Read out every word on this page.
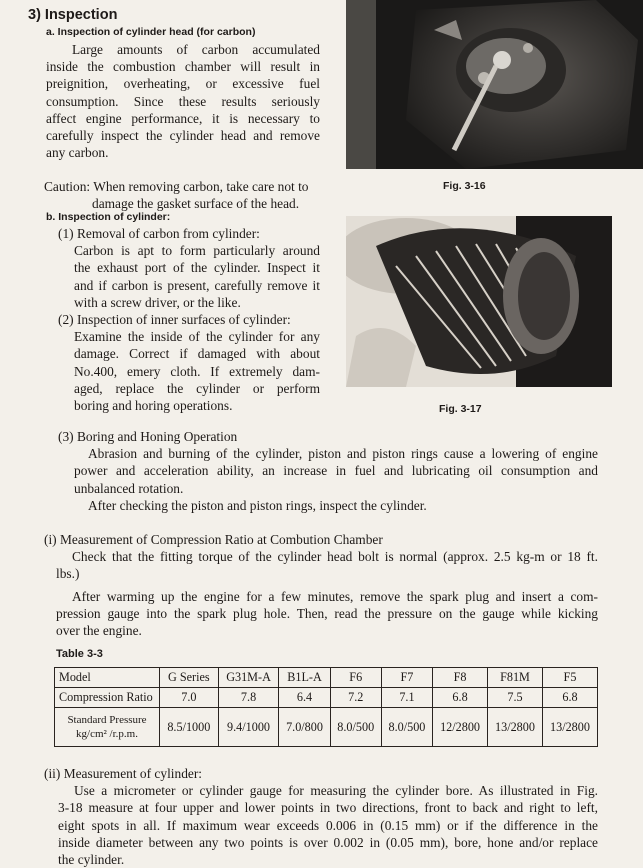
3) Inspection
a. Inspection of cylinder head (for carbon)
Large amounts of carbon accumulated
inside the combustion chamber will result in
preignition, overheating, or excessive fuel
consumption. Since these results seriously
affect engine performance, it is necessary to
carefully inspect the cylinder head and remove
any carbon.
Caution: When removing carbon, take care not to
damage the gasket surface of the head.
Fig. 3-16
b. Inspection of cylinder:
(1) Removal of carbon from cylinder:
Carbon is apt to form particularly around
the exhaust port of the cylinder. Inspect it
and if carbon is present, carefully remove it
with a screw driver, or the like.
(2) Inspection of inner surfaces of cylinder:
Examine the inside of the cylinder for any
damage. Correct if damaged with about
No.400, emery cloth. If extremely dam-
aged, replace the cylinder or perform
boring and horing operations.	Fig. 3-17
(3) Boring and Honing Operation
Abrasion and burning of the cylinder, piston and piston rings cause a lowering of engine
power and acceleration ability, an increase in fuel and lubricating oil consumption and
unbalanced rotation.
After checking the piston and piston rings, inspect the cylinder.
(i) Measurement of Compression Ratio at Combution Chamber
Check that the fitting torque of the cylinder head bolt is normal (approx. 2.5 kg-m or 18 ft.
lbs.)
After warming up the engine for a few minutes, remove the spark plug and insert a com-
pression gauge into the spark plug hole. Then, read the pressure on the gauge while kicking
over the engine.
Table 3-3
Model	G Series	G31M-A	B1L-A	F6	F7	F8	F81M	F5
Compression Ratio	7.0	7.8	6.4	7.2	7.1	6.8	7.5	6.8

Standard Pressure
kg/cm² /r.p.m.	8.5/1000	9.4/1000	7.0/800	8.0/500	8.0/500	12/2800	13/2800	13/2800
(ii) Measurement of cylinder:
Use a micrometer or cylinder gauge for measuring the cylinder bore. As illustrated in Fig.
3-18 measure at four upper and lower points in two directions, front to back and right to left,
eight spots in all. If maximum wear exceeds 0.006 in (0.15 mm) or if the difference in the
inside diameter between any two points is over 0.002 in (0.05 mm), bore, hone and/or replace
the cylinder.
